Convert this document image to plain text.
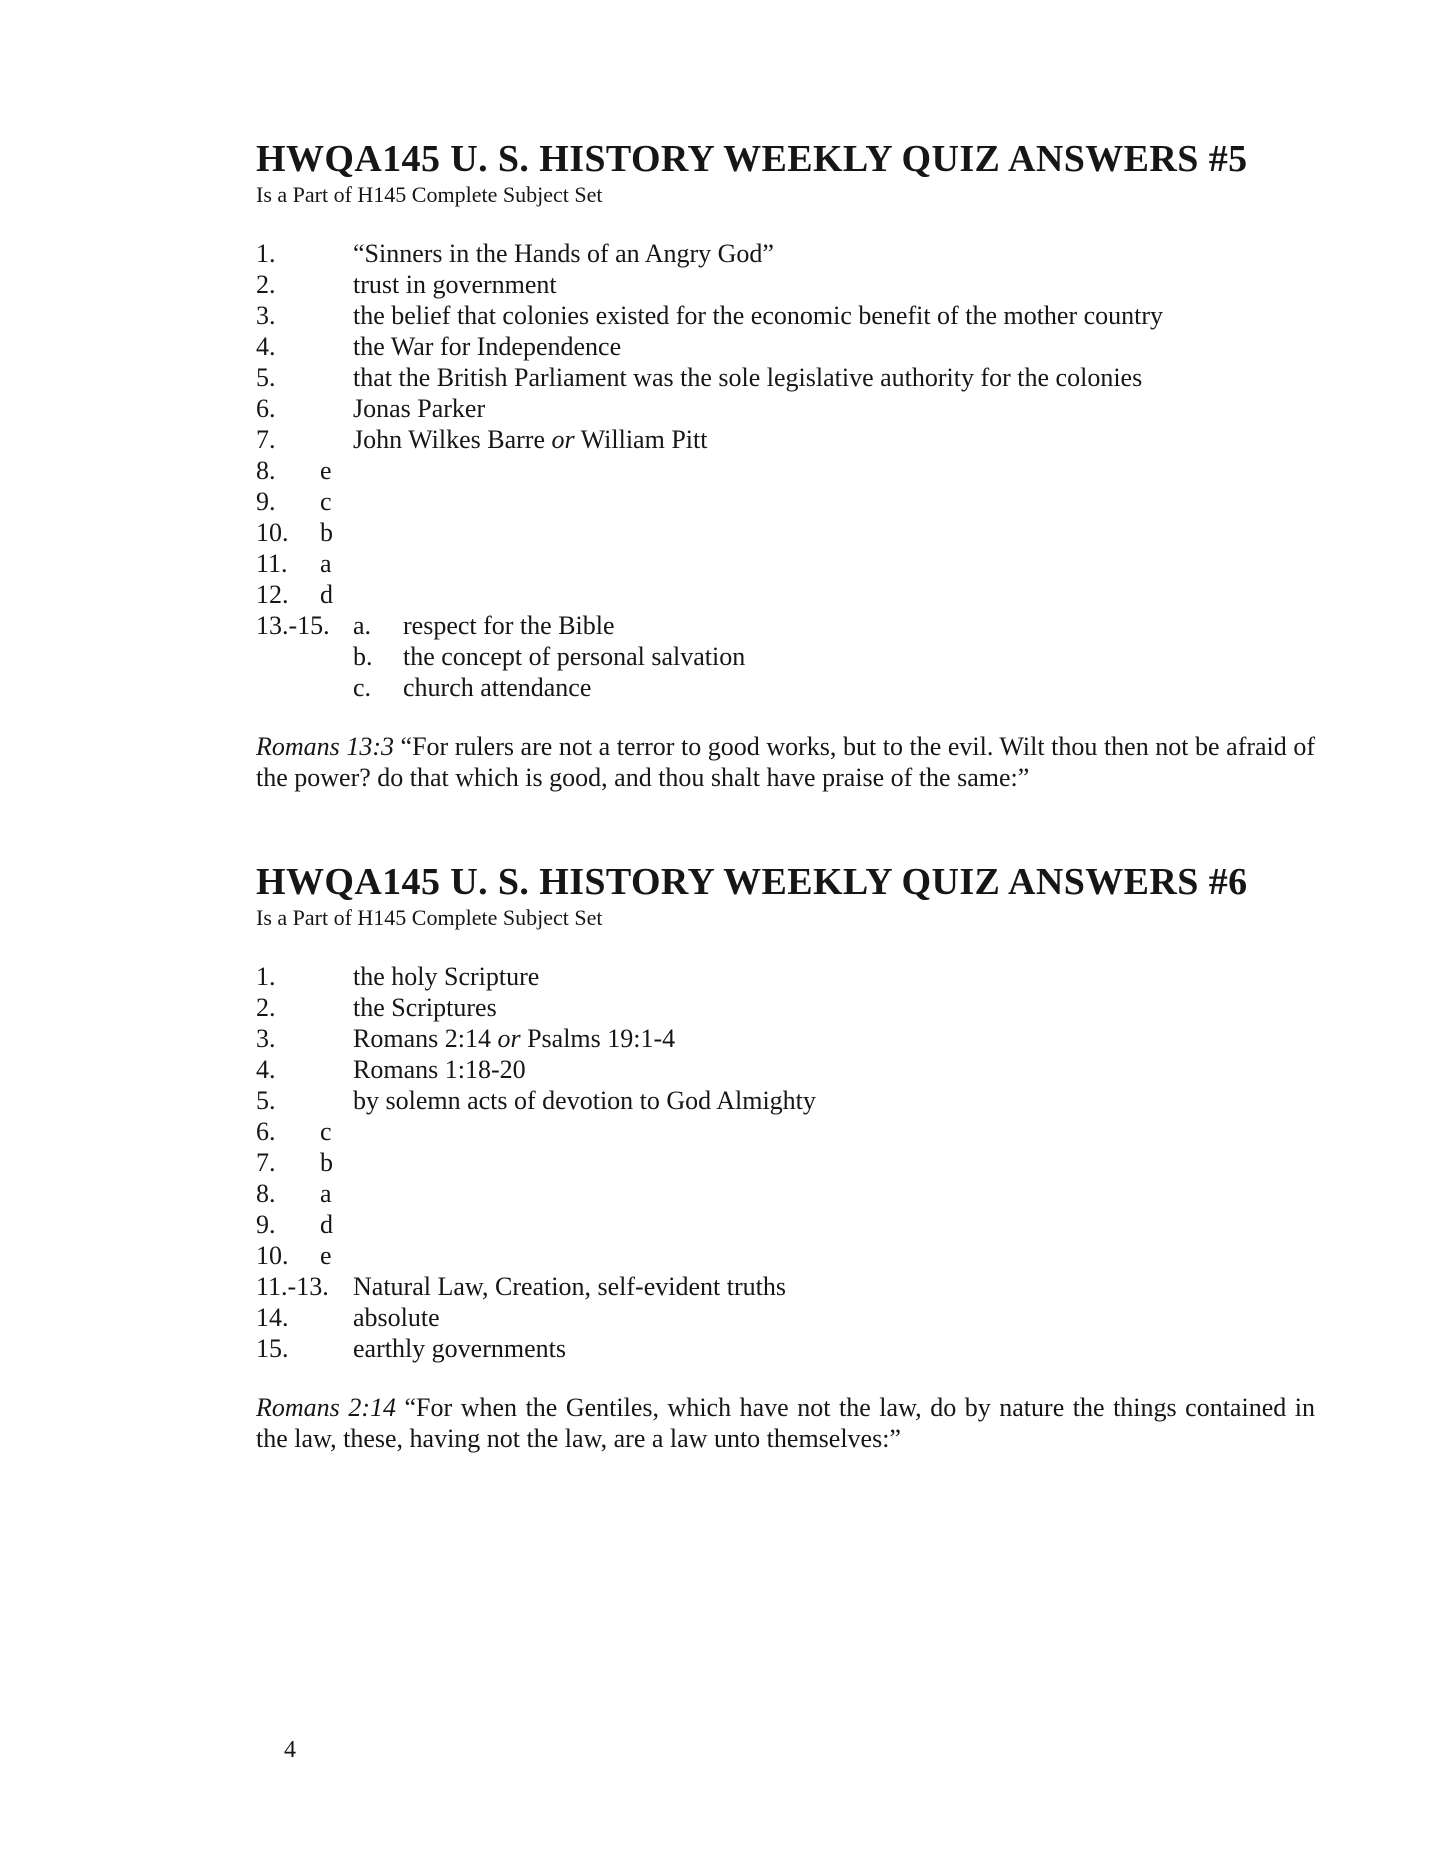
HWQA145 U. S. HISTORY WEEKLY QUIZ ANSWERS #5
Is a Part of H145 Complete Subject Set
1.	“Sinners in the Hands of an Angry God”
2.	trust in government
3.	the belief that colonies existed for the economic benefit of the mother country
4.	the War for Independence
5.	that the British Parliament was the sole legislative authority for the colonies
6.	Jonas Parker
7.	John Wilkes Barre or William Pitt
8.	e
9.	c
10.	b
11.	a
12.	d
13.-15. a.	respect for the Bible
b.	the concept of personal salvation
c.	church attendance

Romans 13:3 “For rulers are not a terror to good works, but to the evil. Wilt thou then not be afraid of the power? do that which is good, and thou shalt have praise of the same:”

HWQA145 U. S. HISTORY WEEKLY QUIZ ANSWERS #6
Is a Part of H145 Complete Subject Set
1.	the holy Scripture
2.	the Scriptures
3.	Romans 2:14 or Psalms 19:1-4
4.	Romans 1:18-20
5.	by solemn acts of devotion to God Almighty
6.	c
7.	b
8.	a
9.	d
10.	e
11.-13. Natural Law, Creation, self-evident truths
14.	absolute
15.	earthly governments

Romans 2:14 “For when the Gentiles, which have not the law, do by nature the things contained in the law, these, having not the law, are a law unto themselves:”

4
